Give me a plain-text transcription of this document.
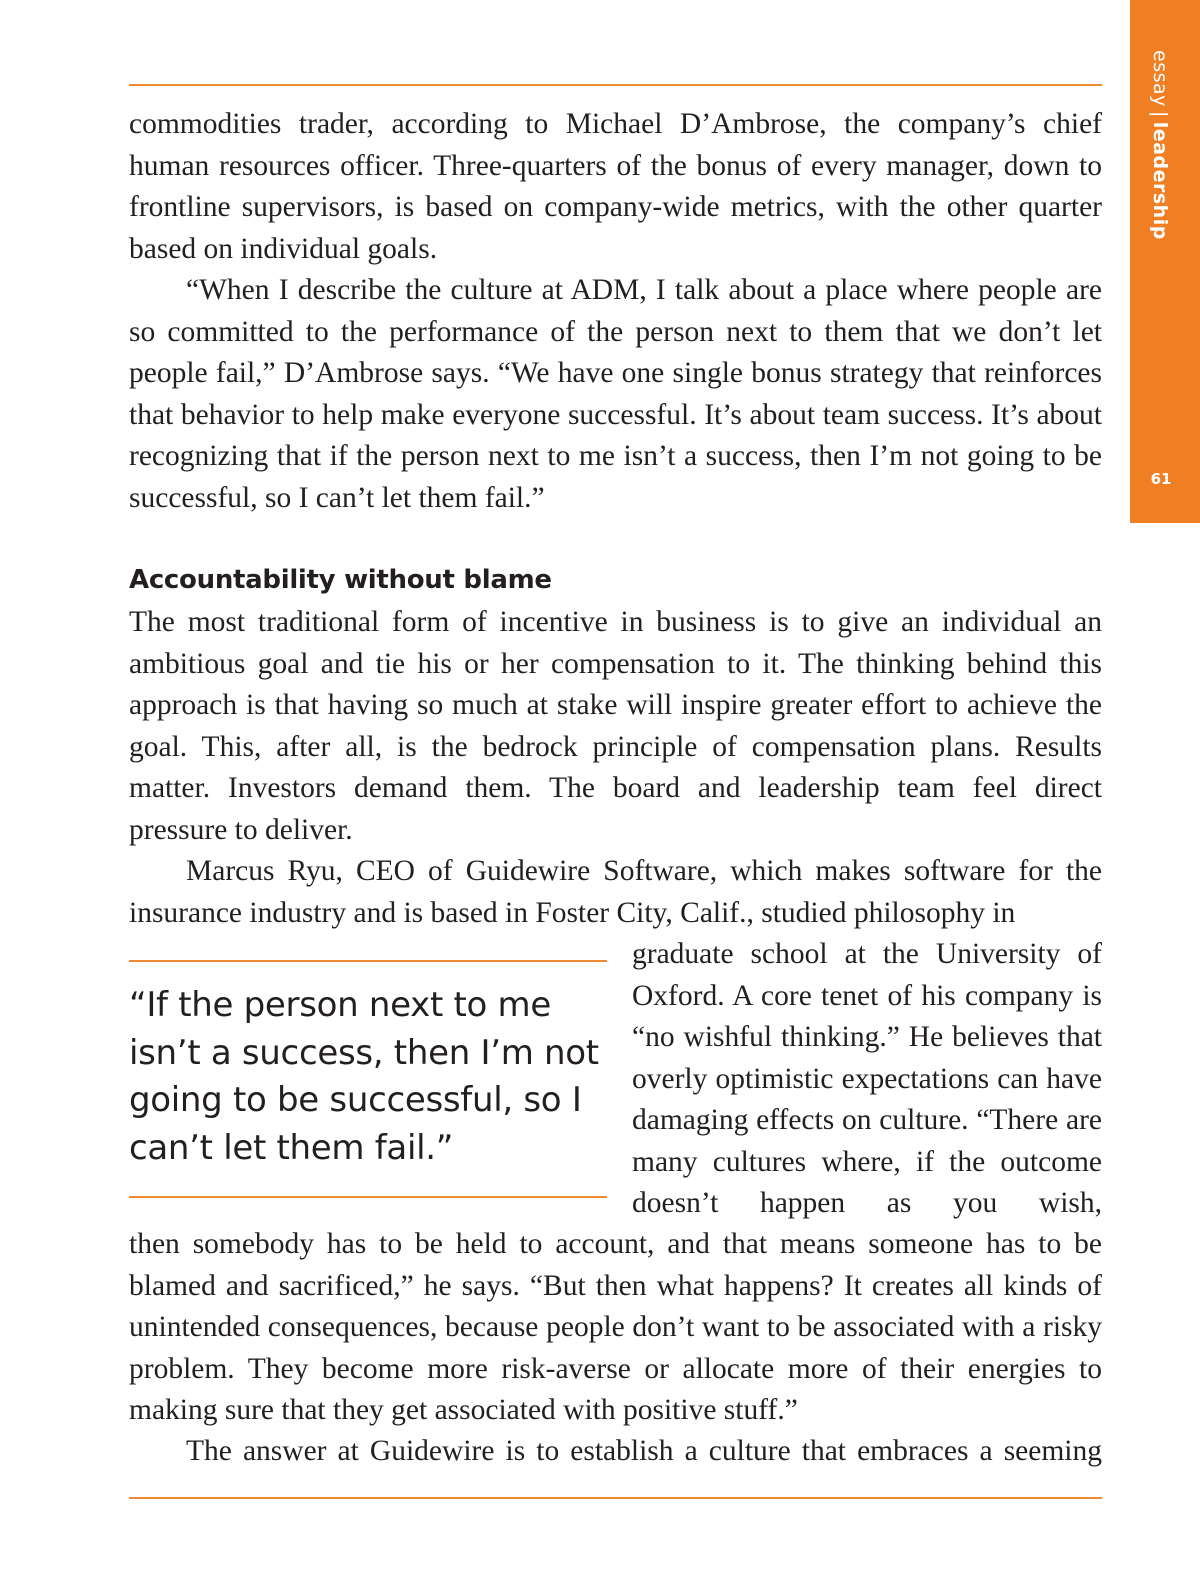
essay|leadership
61

commodities trader, according to Michael D’Ambrose, the company’s chief human resources officer. Three-quarters of the bonus of every manager, down to frontline supervisors, is based on company-wide metrics, with the other quarter based on individual goals.

“When I describe the culture at ADM, I talk about a place where people are so committed to the performance of the person next to them that we don’t let people fail,” D’Ambrose says. “We have one single bonus strategy that reinforces that behavior to help make everyone successful. It’s about team success. It’s about recognizing that if the person next to me isn’t a success, then I’m not going to be successful, so I can’t let them fail.”

Accountability without blame

The most traditional form of incentive in business is to give an individual an ambitious goal and tie his or her compensation to it. The thinking behind this approach is that having so much at stake will inspire greater effort to achieve the goal. This, after all, is the bedrock principle of compensation plans. Results matter. Investors demand them. The board and leadership team feel direct pressure to deliver.

Marcus Ryu, CEO of Guidewire Software, which makes software for the insurance industry and is based in Foster City, Calif., studied philosophy in

“If the person next to me isn’t a success, then I’m not going to be successful, so I can’t let them fail.”

graduate school at the University of Oxford. A core tenet of his company is “no wishful thinking.” He believes that overly optimistic expectations can have damaging effects on culture. “There are many cultures where, if the outcome doesn’t happen as you wish,

then somebody has to be held to account, and that means someone has to be blamed and sacrificed,” he says. “But then what happens? It creates all kinds of unintended consequences, because people don’t want to be associated with a risky problem. They become more risk-averse or allocate more of their energies to making sure that they get associated with positive stuff.”

The answer at Guidewire is to establish a culture that embraces a seeming
